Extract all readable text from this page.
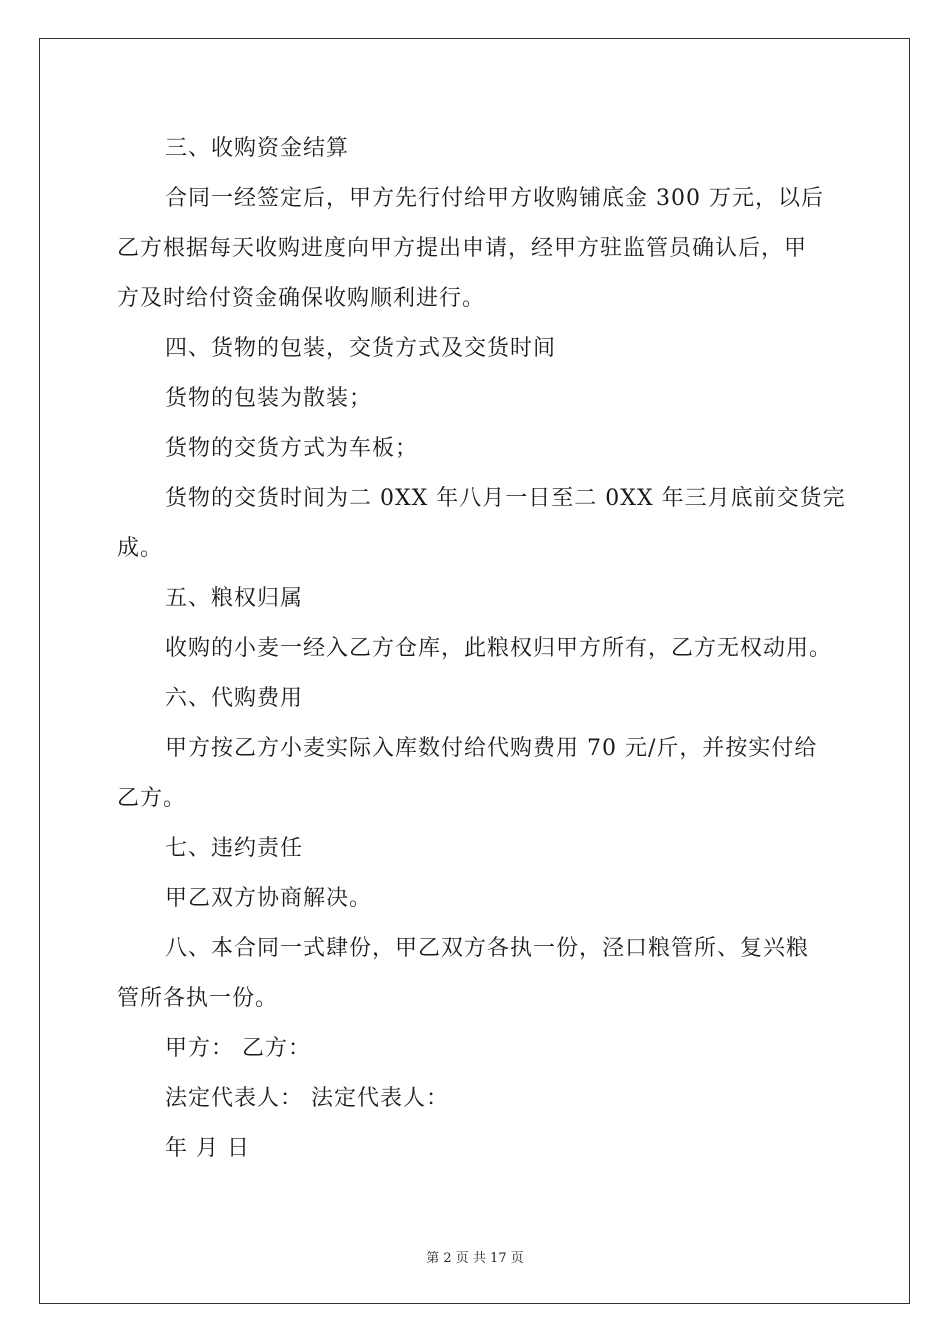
三、收购资金结算
合同一经签定后，甲方先行付给甲方收购铺底金 300 万元，以后
乙方根据每天收购进度向甲方提出申请，经甲方驻监管员确认后，甲
方及时给付资金确保收购顺利进行。
四、货物的包装，交货方式及交货时间
货物的包装为散装；
货物的交货方式为车板；
货物的交货时间为二 0XX 年八月一日至二 0XX 年三月底前交货完
成。
五、粮权归属
收购的小麦一经入乙方仓库，此粮权归甲方所有，乙方无权动用。
六、代购费用
甲方按乙方小麦实际入库数付给代购费用 70 元/斤，并按实付给
乙方。
七、违约责任
甲乙双方协商解决。
八、本合同一式肆份，甲乙双方各执一份，泾口粮管所、复兴粮
管所各执一份。
甲方： 乙方：
法定代表人： 法定代表人：
年 月 日
第 2 页 共 17 页
